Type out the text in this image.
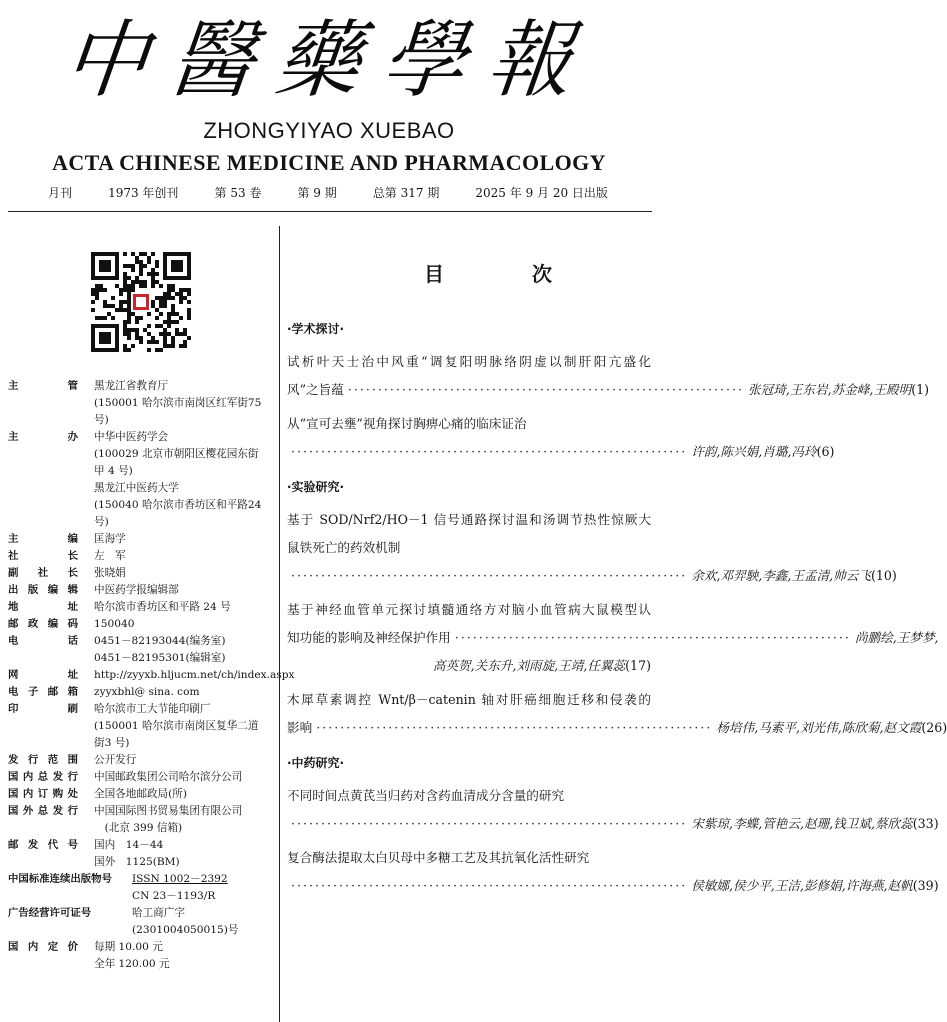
中醫藥學報
ZHONGYIYAO XUEBAO
ACTA CHINESE MEDICINE AND PHARMACOLOGY
月刊	1973 年创刊	第 53 卷	第 9 期	总第 317 期	2025 年 9 月 20 日出版
主　　管	黑龙江省教育厅
(150001 哈尔滨市南岗区红军街75号)
主　　办	中华中医药学会
(100029 北京市朝阳区樱花园东街
甲 4 号)
黑龙江中医药大学
(150040 哈尔滨市香坊区和平路24号)
主　　编	匡海学
社　　长	左　军
副 社 长	张晓娟
出版编辑	中医药学报编辑部
地　　址	哈尔滨市香坊区和平路 24 号
邮政编码	150040
电　　话	0451－82193044(编务室)
0451－82195301(编辑室)
网　　址	http://zyyxb.hljucm.net/ch/index.aspx
电子邮箱	zyyxbhl@ sina. com
印　　刷	哈尔滨市工大节能印刷厂
(150001 哈尔滨市南岗区复华二道
街3 号)
发行范围	公开发行
国内总发行	中国邮政集团公司哈尔滨分公司
国内订购处	全国各地邮政局(所)
国外总发行	中国国际图书贸易集团有限公司
　(北京 399 信箱)
邮发代号	国内　14－44
国外　1125(BM)
中国标准连续出版物号	ISSN 1002－2392
CN 23－1193/R
广告经营许可证号	哈工商广字(2301004050015)号
国内定价	每期 10.00 元
全年 120.00 元
目　次
·学术探讨·
试析叶天士治中风重“调复阳明脉络阴虚以制肝阳亢盛化
风”之旨蕴 ·································································· 张冠琦,王东岩,苏金峰,王殿明 (1)
从“宣可去壅”视角探讨胸痹心痛的临床证治
·································································· 许韵,陈兴娟,肖璐,冯玲 (6)
·实验研究·
基于 SOD/Nrf2/HO－1 信号通路探讨温和汤调节热性惊厥大
鼠铁死亡的药效机制
·································································· 余欢,邓羿駚,李鑫,王孟清,帅云飞 (10)
基于神经血管单元探讨填髓通络方对脑小血管病大鼠模型认
知功能的影响及神经保护作用 ·································································· 尚鹏绘,王梦梦,
高英贺,关东升,刘雨旋,王靖,任翼蕊 (17)
木犀草素调控 Wnt/β－catenin 轴对肝癌细胞迁移和侵袭的
影响 ·································································· 杨培伟,马素平,刘光伟,陈欣菊,赵文霞 (26)
·中药研究·
不同时间点黄芪当归药对含药血清成分含量的研究
·································································· 宋紫琼,李蝶,管艳云,赵珊,钱卫斌,蔡欣蕊 (33)
复合酶法提取太白贝母中多糖工艺及其抗氧化活性研究
·································································· 侯敏娜,侯少平,王洁,彭修娟,许海燕,赵帆 (39)
